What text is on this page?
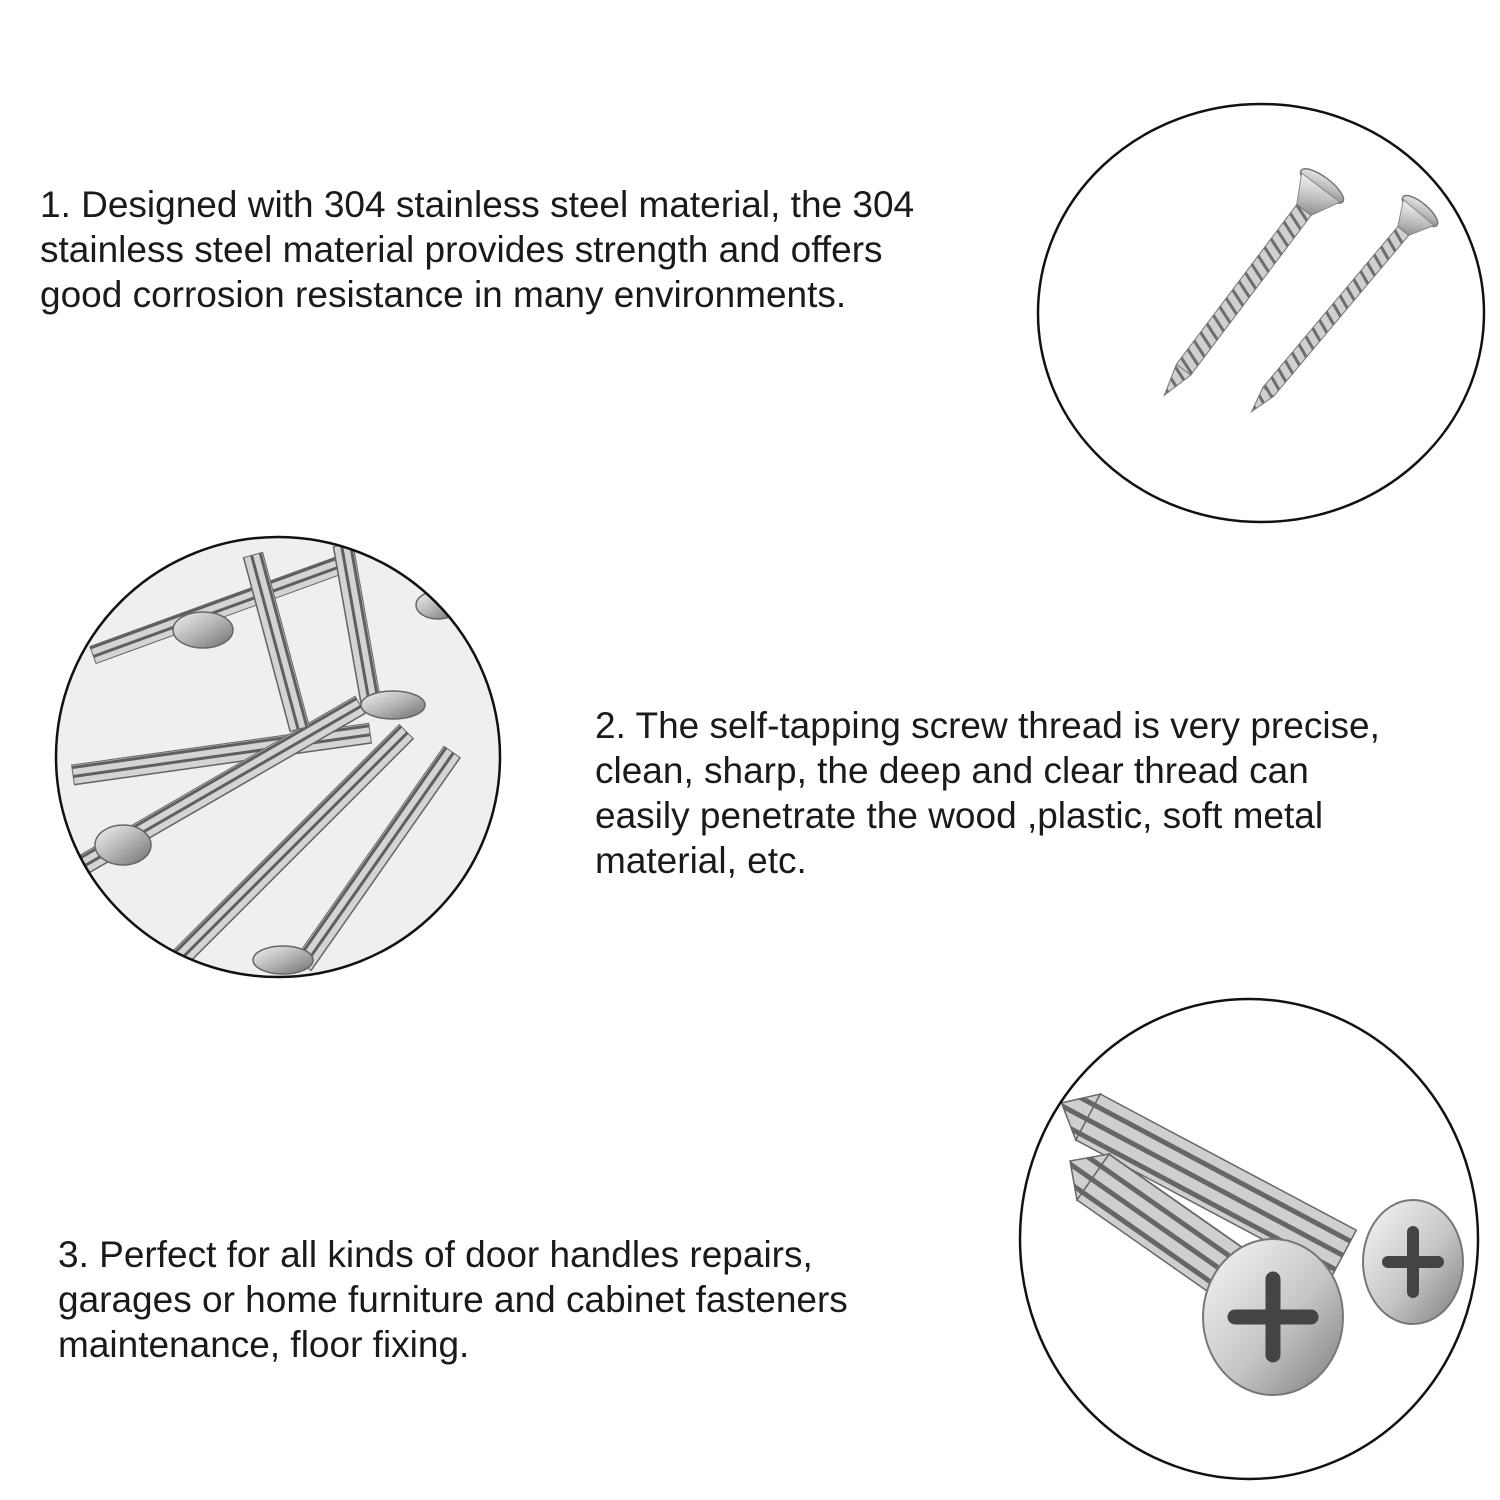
1. Designed with 304 stainless steel material, the 304
stainless steel material provides strength and offers
good corrosion resistance in many environments.
2. The self-tapping screw thread is very precise,
clean, sharp, the deep and clear thread can
easily penetrate the wood ,plastic, soft metal
material, etc.
3. Perfect for all kinds of door handles repairs,
garages or home furniture and cabinet fasteners
maintenance, floor fixing.
